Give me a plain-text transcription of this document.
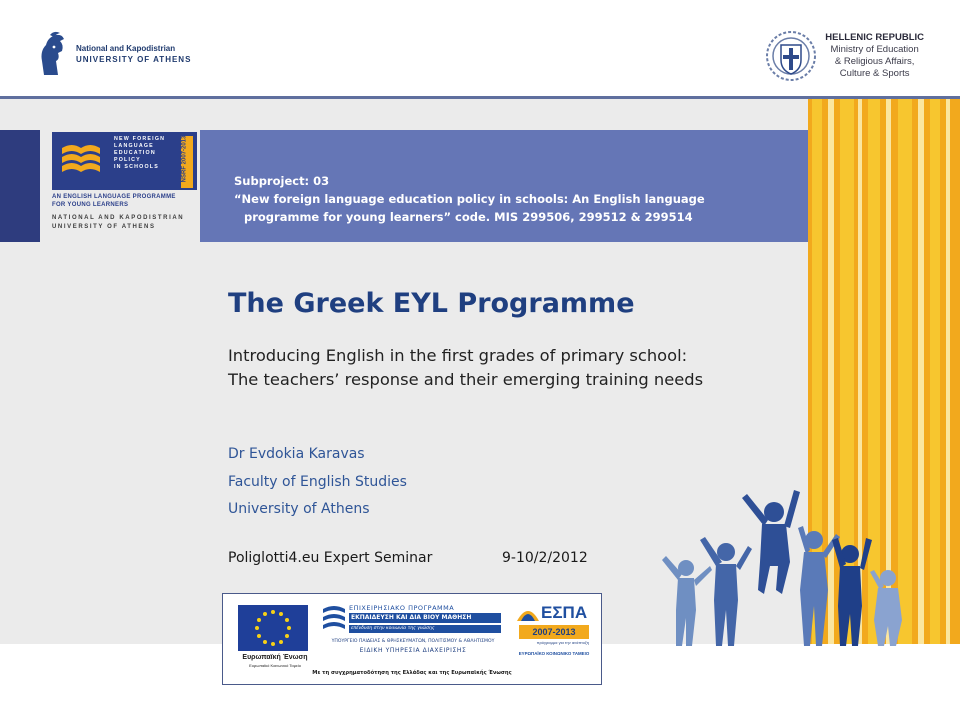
National and Kapodistrian
UNIVERSITY OF ATHENS
HELLENIC REPUBLIC
Ministry of Education
& Religious Affairs,
Culture & Sports
NEW FOREIGN
LANGUAGE
EDUCATION
POLICY
IN SCHOOLS	NSRF 2007-2013
AN ENGLISH LANGUAGE PROGRAMME
FOR YOUNG LEARNERS
NATIONAL AND KAPODISTRIAN
UNIVERSITY OF ATHENS
Subproject: 03
“New foreign language education policy in schools: An English language
programme for young learners” code. MIS 299506, 299512 & 299514
The Greek EYL Programme
Introducing English in the first grades of primary school:
The teachers’ response and their emerging training needs
Dr Evdokia Karavas
Faculty of English Studies
University of Athens
Poliglotti4.eu Expert Seminar	9-10/2/2012
Ευρωπαϊκή Ένωση
Ευρωπαϊκό Κοινωνικό Ταμείο
ΕΠΙΧΕΙΡΗΣΙΑΚΟ ΠΡΟΓΡΑΜΜΑ
ΕΚΠΑΙΔΕΥΣΗ ΚΑΙ ΔΙΑ ΒΙΟΥ ΜΑΘΗΣΗ
επένδυση στην κοινωνία της γνώσης
ΥΠΟΥΡΓΕΙΟ ΠΑΙΔΕΙΑΣ & ΘΡΗΣΚΕΥΜΑΤΩΝ, ΠΟΛΙΤΙΣΜΟΥ & ΑΘΛΗΤΙΣΜΟΥ
ΕΙΔΙΚΗ ΥΠΗΡΕΣΙΑ ΔΙΑΧΕΙΡΙΣΗΣ
ΕΣΠΑ
2007-2013
πρόγραμμα για την ανάπτυξη
ΕΥΡΩΠΑΪΚΟ ΚΟΙΝΩΝΙΚΟ ΤΑΜΕΙΟ
Με τη συγχρηματοδότηση της Ελλάδας και της Ευρωπαϊκής Ένωσης
